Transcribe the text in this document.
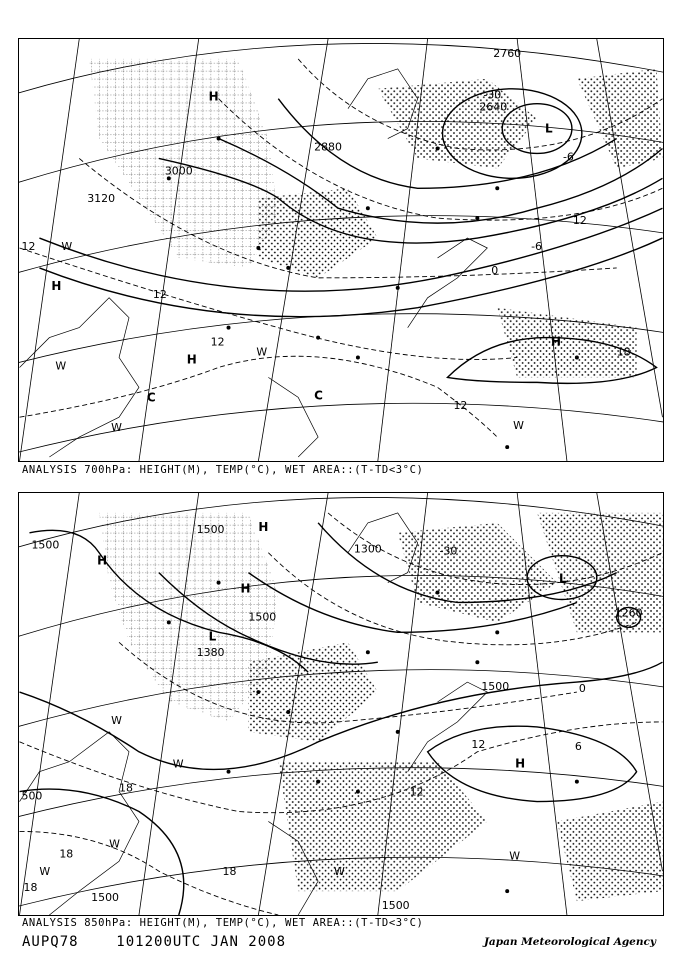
H
H
H
H
L
C
C
W
W
W
W	W
3000
3120
2880
2760
2640
12
12
12
12
12
18
-6
0
-6
-30
ANALYSIS 700hPa: HEIGHT(M), TEMP(°C), WET AREA::(T-TD<3°C)
H
H
H
H
L
L
W
W
W
W
W
W
1500
1500
1500
1500
1500
1500
1380
1260
1300
18
18
18
18
12
12	6
0
-30
500
ANALYSIS 850hPa: HEIGHT(M), TEMP(°C), WET AREA::(T-TD<3°C)
AUPQ78	101200UTC JAN 2008	Japan Meteorological Agency
